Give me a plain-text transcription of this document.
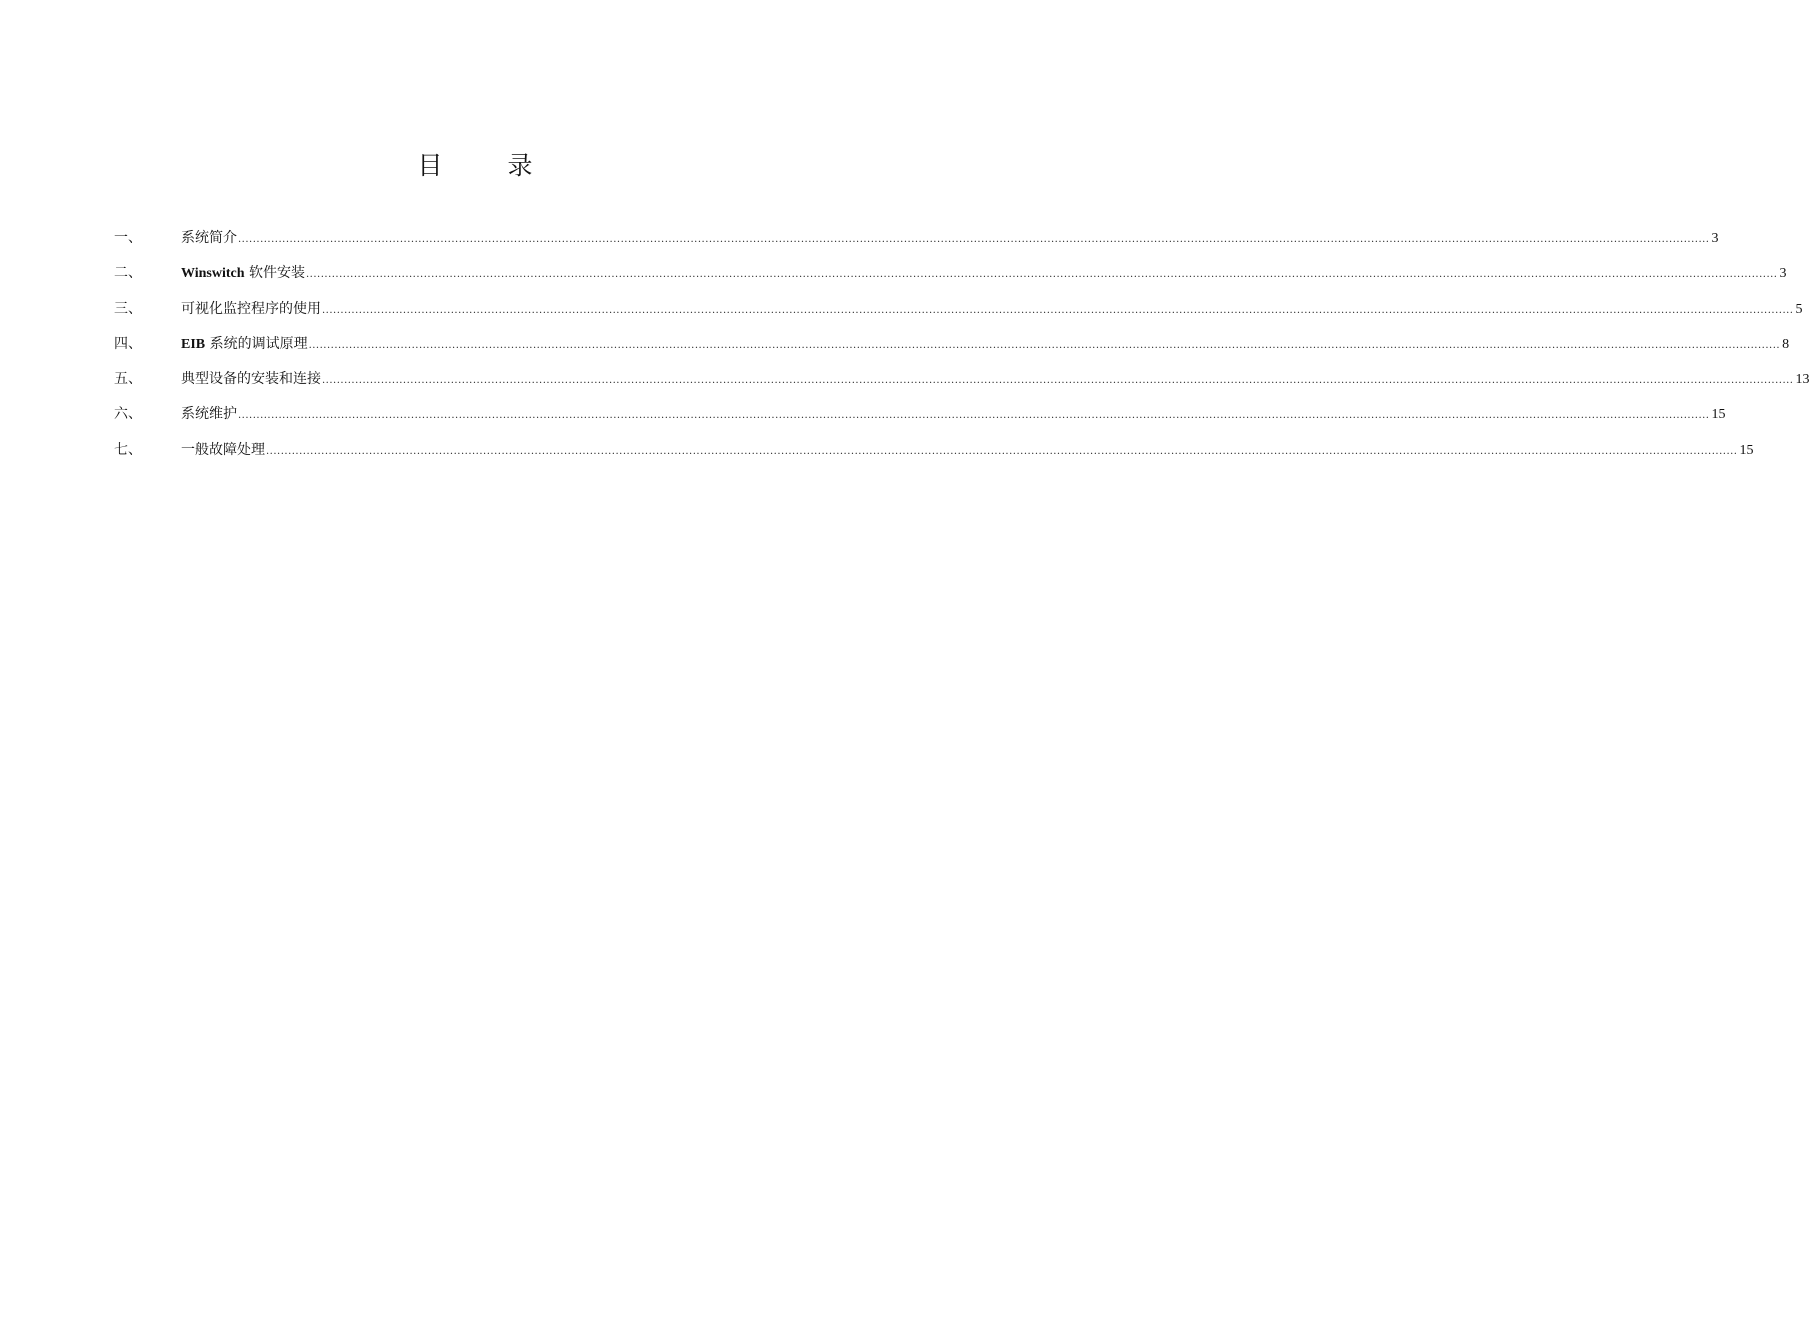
目　录
一、	系统简介 ................................................................................................................................................................................................................................................................................................................................................................................................................ 3
二、	Winswitch 软件安装 ................................................................................................................................................................................................................................................................................................................................................................................................................ 3
三、	可视化监控程序的使用 ................................................................................................................................................................................................................................................................................................................................................................................................................ 5
四、	EIB 系统的调试原理 ................................................................................................................................................................................................................................................................................................................................................................................................................ 8
五、	典型设备的安装和连接 ................................................................................................................................................................................................................................................................................................................................................................................................................ 13
六、	系统维护 ................................................................................................................................................................................................................................................................................................................................................................................................................ 15
七、	一般故障处理 ................................................................................................................................................................................................................................................................................................................................................................................................................ 15
